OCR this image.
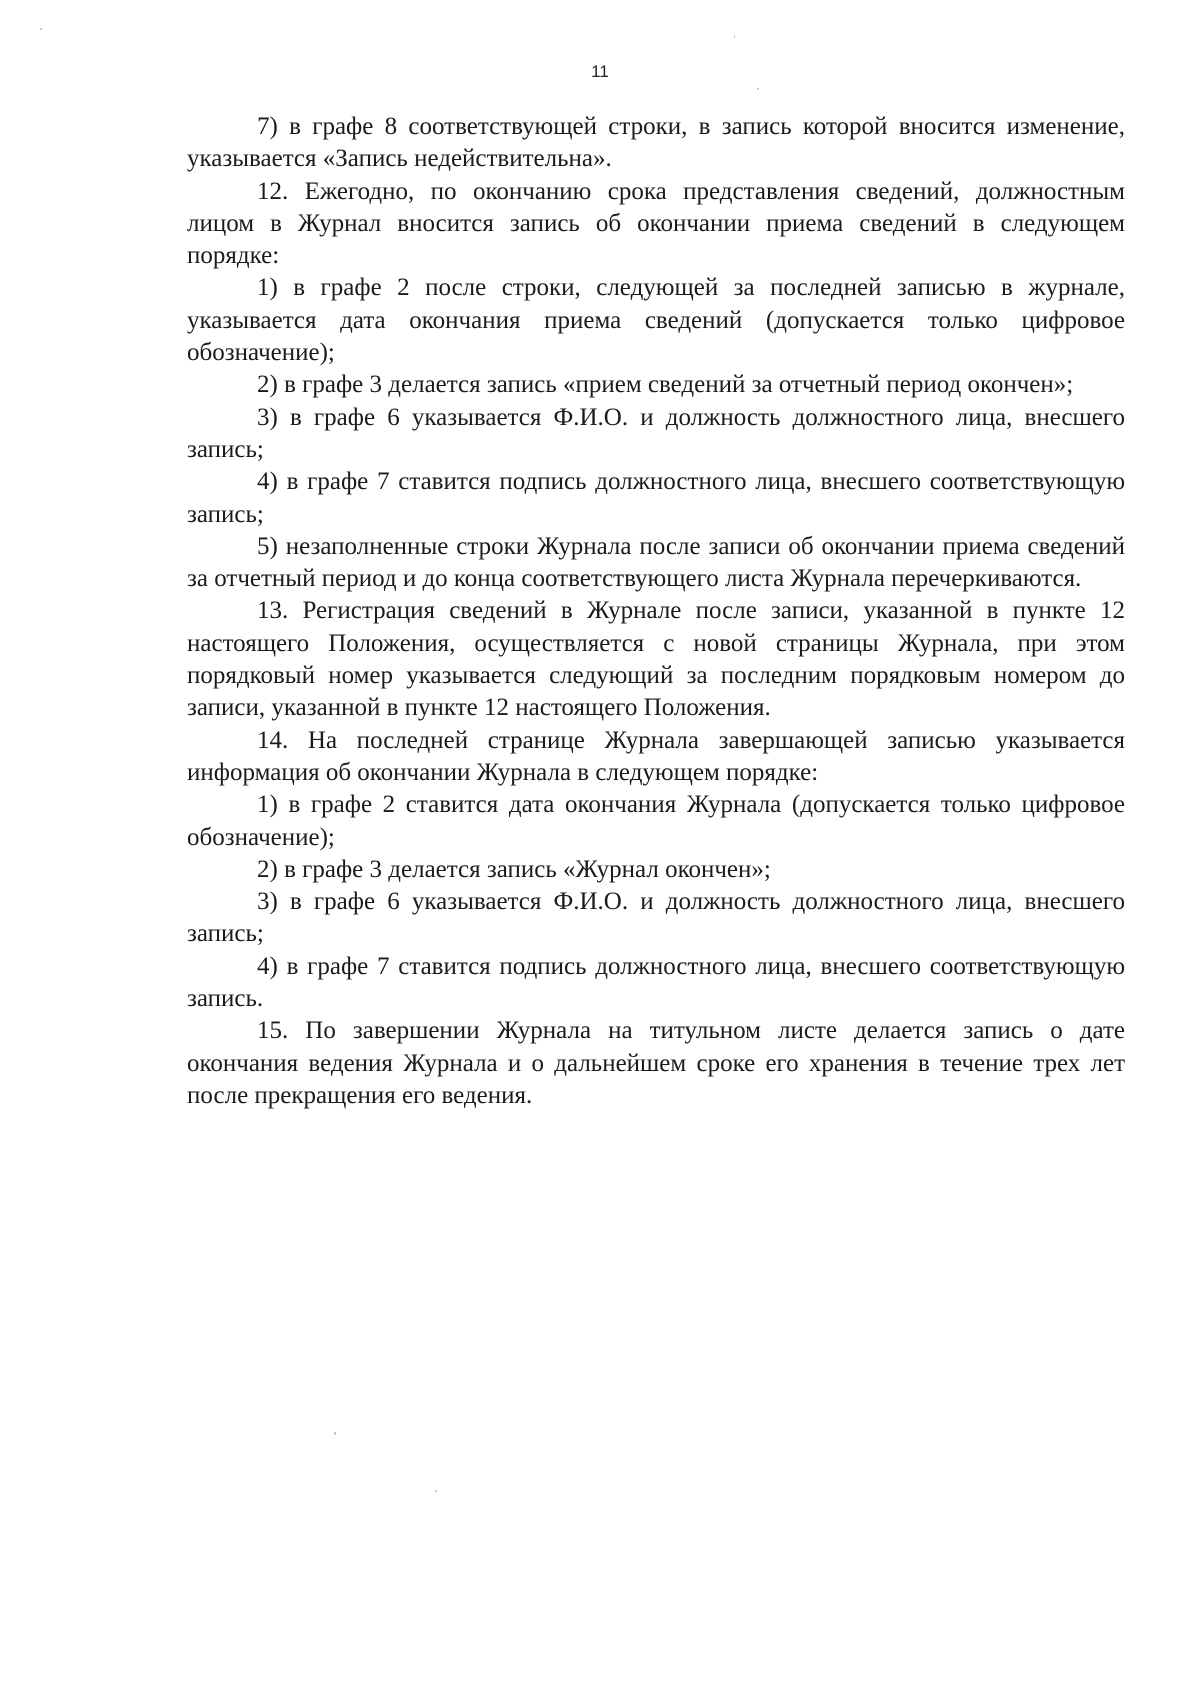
11

7) в графе 8 соответствующей строки, в запись которой вносится изменение, указывается «Запись недействительна».

12. Ежегодно, по окончанию срока представления сведений, должностным лицом в Журнал вносится запись об окончании приема сведений в следующем порядке:

1) в графе 2 после строки, следующей за последней записью в журнале, указывается дата окончания приема сведений (допускается только цифровое обозначение);

2) в графе 3 делается запись «прием сведений за отчетный период окончен»;

3) в графе 6 указывается Ф.И.О. и должность должностного лица, внесшего запись;

4) в графе 7 ставится подпись должностного лица, внесшего соответствующую запись;

5) незаполненные строки Журнала после записи об окончании приема сведений за отчетный период и до конца соответствующего листа Журнала перечеркиваются.

13. Регистрация сведений в Журнале после записи, указанной в пункте 12 настоящего Положения, осуществляется с новой страницы Журнала, при этом порядковый номер указывается следующий за последним порядковым номером до записи, указанной в пункте 12 настоящего Положения.

14. На последней странице Журнала завершающей записью указывается информация об окончании Журнала в следующем порядке:

1) в графе 2 ставится дата окончания Журнала (допускается только цифровое обозначение);

2) в графе 3 делается запись «Журнал окончен»;

3) в графе 6 указывается Ф.И.О. и должность должностного лица, внесшего запись;

4) в графе 7 ставится подпись должностного лица, внесшего соответствующую запись.

15. По завершении Журнала на титульном листе делается запись о дате окончания ведения Журнала и о дальнейшем сроке его хранения в течение трех лет после прекращения его ведения.
